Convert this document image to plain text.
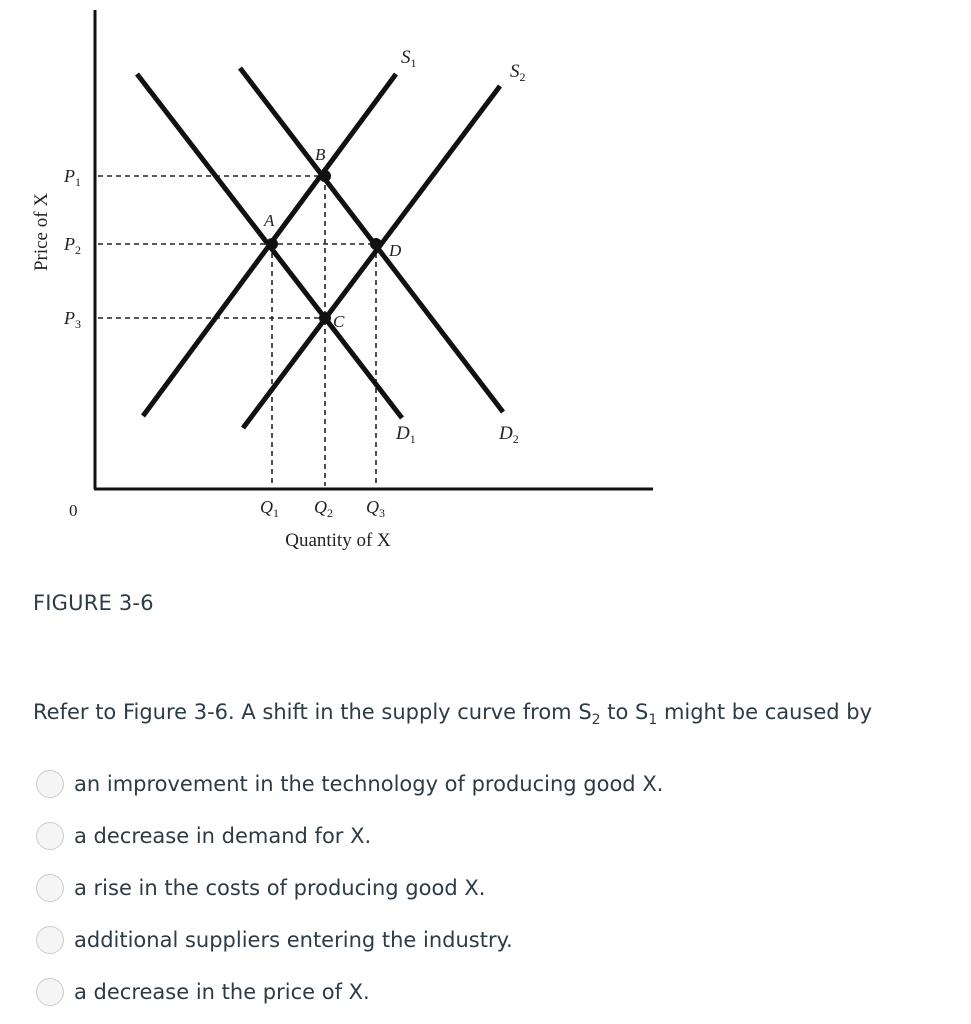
A
B
C
D
$S_1$	$S_2$
$D_1$	$D_2$
$P_1$
$P_2$
$P_3$
$Q_1$ $Q_2$ $Q_3$
0
Quantity of X
Price of X
FIGURE 3-6
Refer to Figure 3-6. A shift in the supply curve from $S_2$ to $S_1$ might be caused by
an improvement in the technology of producing good X.
a decrease in demand for X.
a rise in the costs of producing good X.
additional suppliers entering the industry.
a decrease in the price of X.
